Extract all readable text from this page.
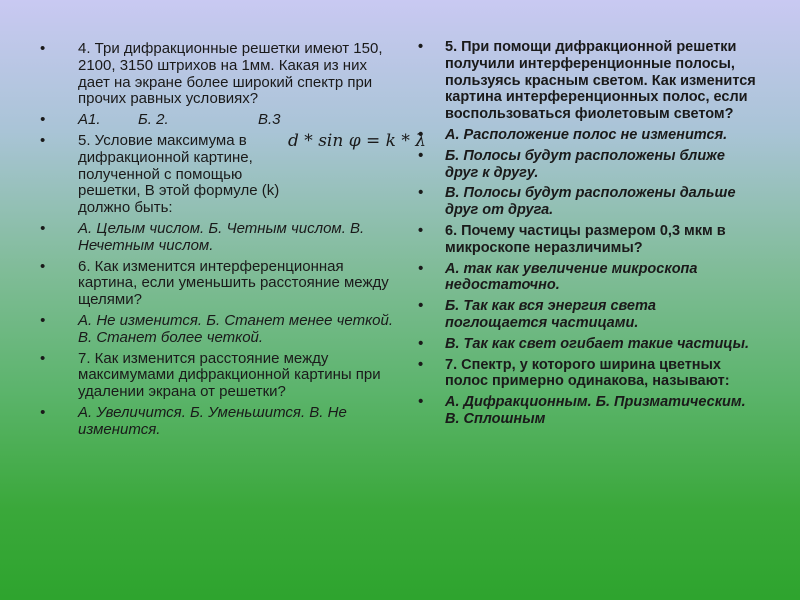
• 4. Три дифракционные решетки имеют 150, 2100, 3150 штрихов на 1мм. Какая из них дает на экране более широкий спектр при прочих равных условиях?
• А1. Б. 2.	В.3
• 5. Условие максимума в дифракционной картине, полученной с помощью решетки, В этой формуле (k) должно быть:
d * sin φ = k * λ
• А. Целым числом. Б. Четным числом. В. Нечетным числом.
• 6. Как изменится интерференционная картина, если уменьшить расстояние между щелями?
• А. Не изменится. Б. Станет менее четкой. В. Станет более четкой.
• 7. Как изменится расстояние между максимумами дифракционной картины при удалении экрана от решетки?
• А. Увеличится. Б. Уменьшится. В. Не изменится.
• 5. При помощи дифракционной решетки получили интерференционные полосы, пользуясь красным светом. Как изменится картина интерференционных полос, если воспользоваться фиолетовым светом?
• А. Расположение полос не изменится.
• Б. Полосы будут расположены ближе друг к другу.
• В. Полосы будут расположены дальше друг от друга.
• 6. Почему частицы размером 0,3 мкм в микроскопе неразличимы?
• А. так как увеличение микроскопа недостаточно.
• Б. Так как вся энергия света поглощается частицами.
• В. Так как свет огибает такие частицы.
• 7. Спектр, у которого ширина цветных полос примерно одинакова, называют:
• А. Дифракционным. Б. Призматическим. В. Сплошным
